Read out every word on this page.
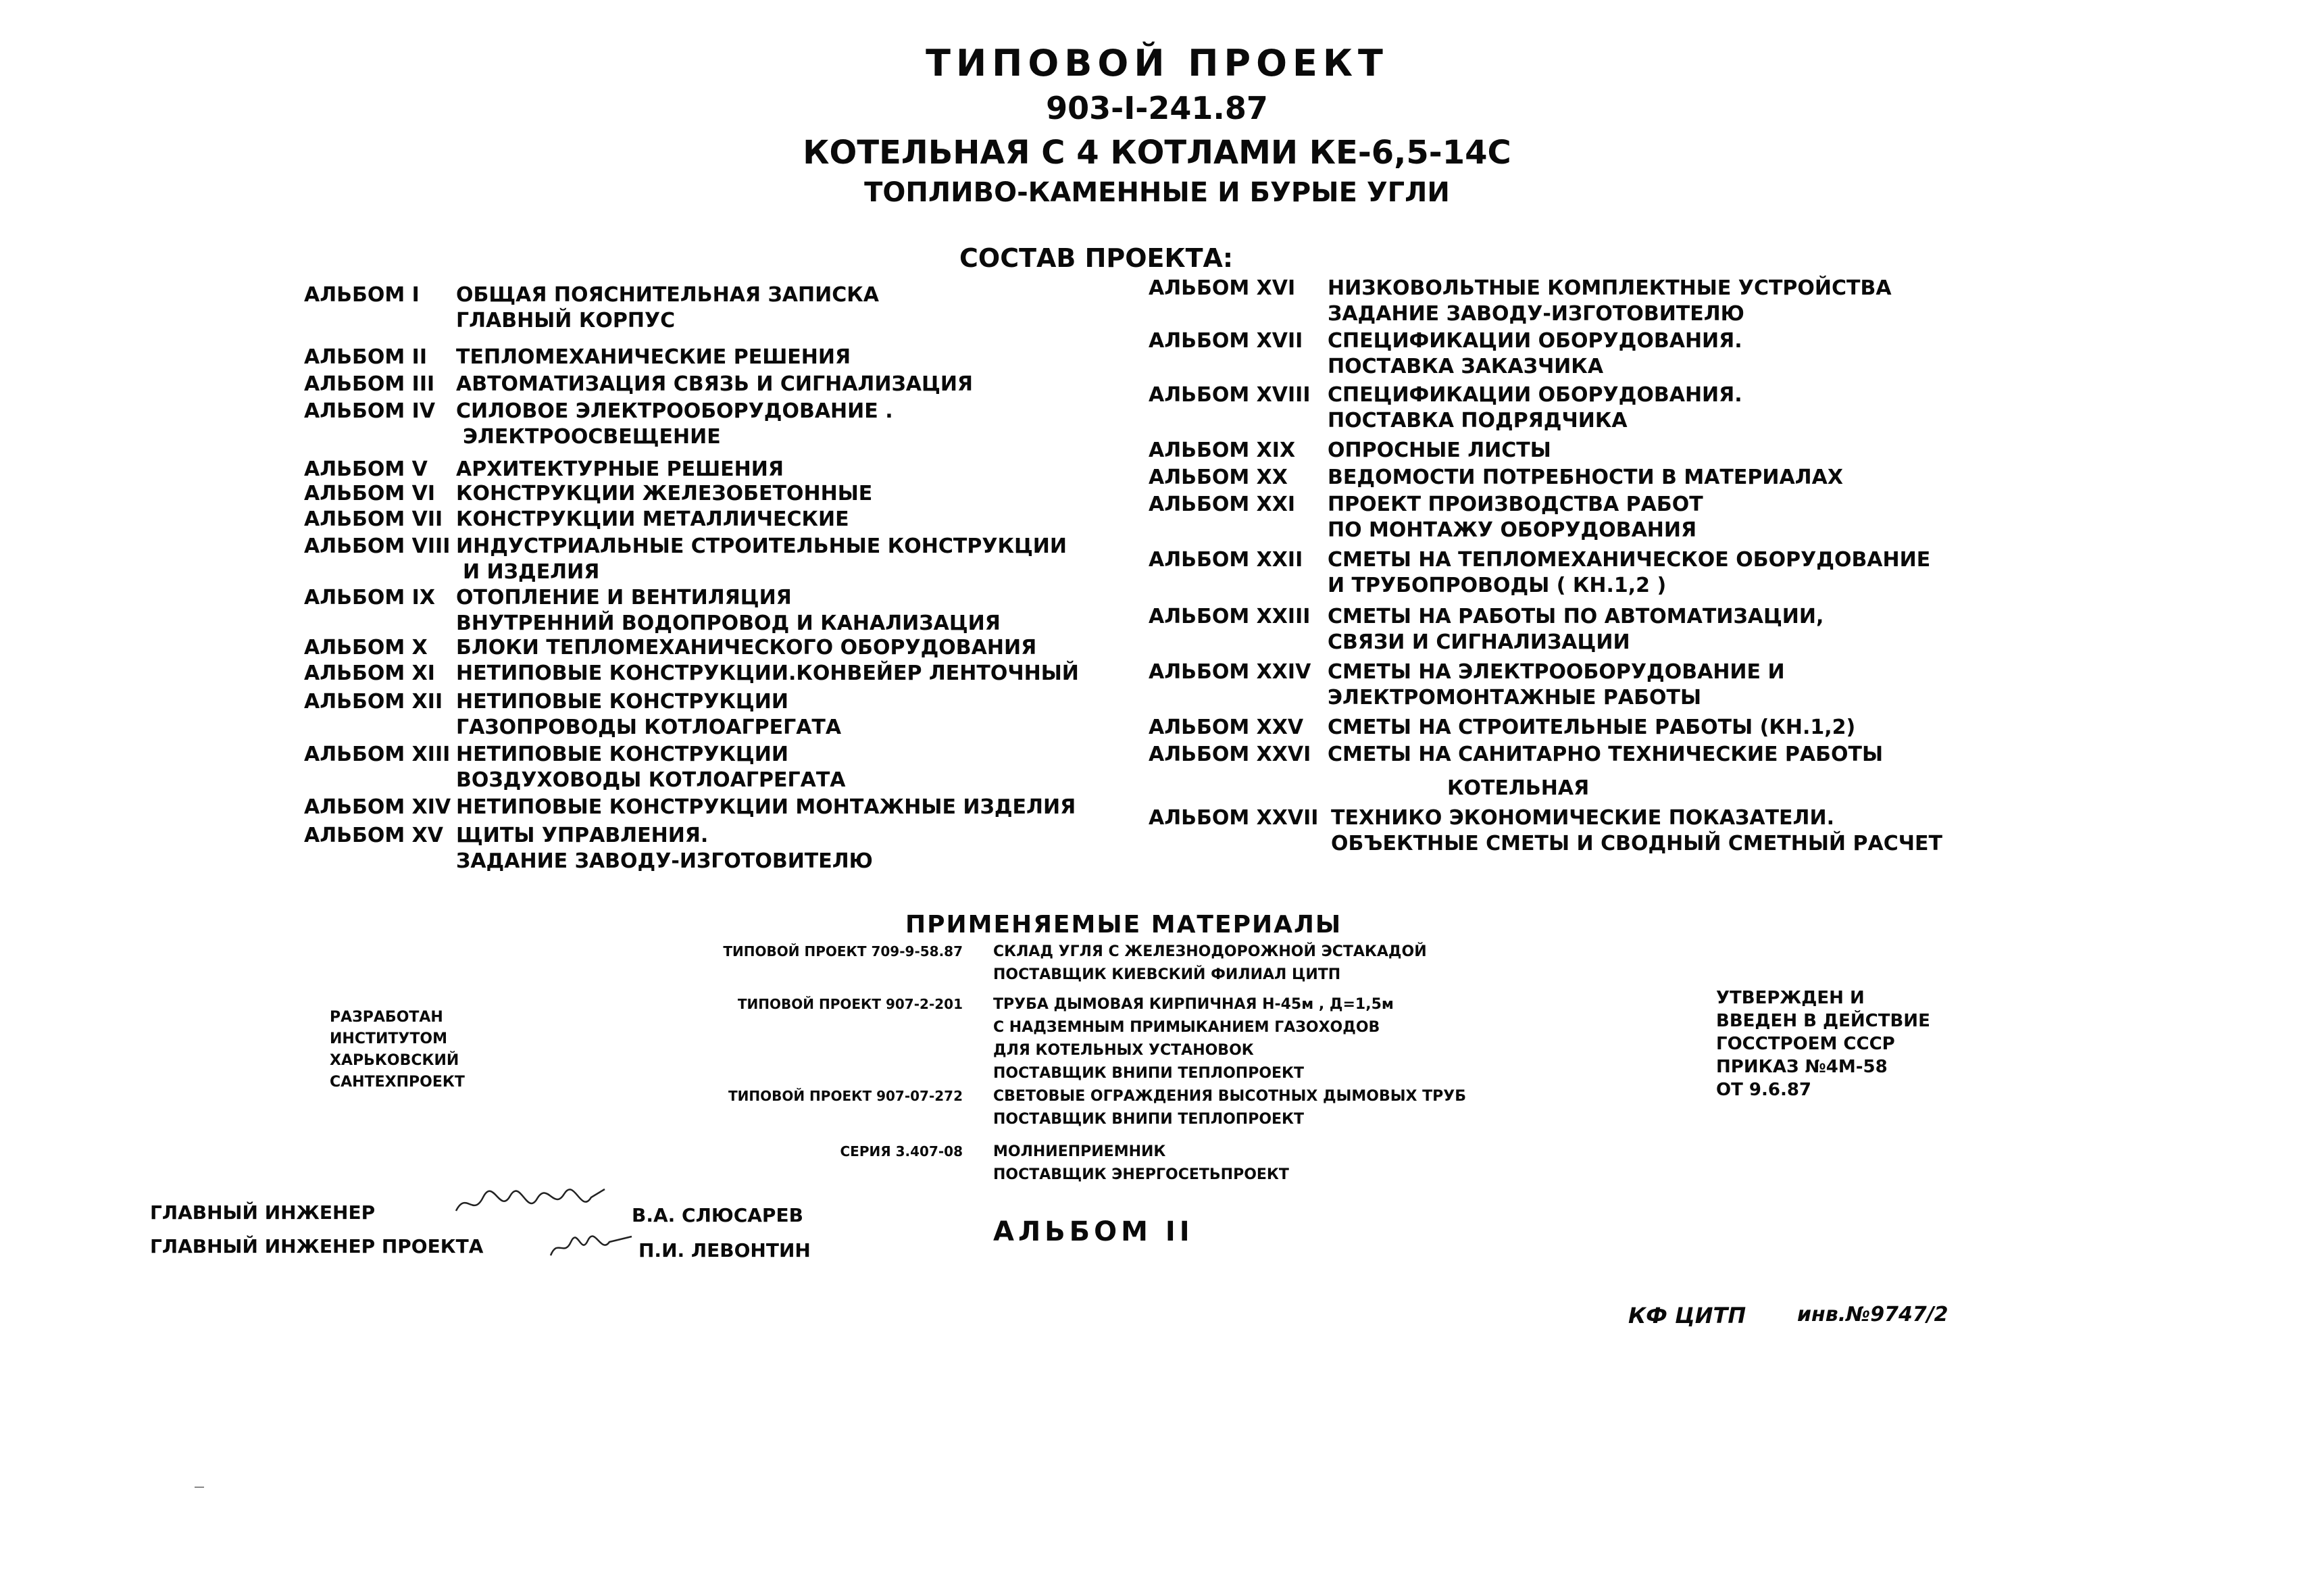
ТИПОВОЙ ПРОЕКТ
903-I-241.87
КОТЕЛЬНАЯ С 4 КОТЛАМИ КЕ-6,5-14С
ТОПЛИВО-КАМЕННЫЕ И БУРЫЕ УГЛИ
СОСТАВ ПРОЕКТА:
АЛЬБОМ I ОБЩАЯ ПОЯСНИТЕЛЬНАЯ ЗАПИСКА
ГЛАВНЫЙ КОРПУС
АЛЬБОМ II ТЕПЛОМЕХАНИЧЕСКИЕ РЕШЕНИЯ
АЛЬБОМ III АВТОМАТИЗАЦИЯ СВЯЗЬ И СИГНАЛИЗАЦИЯ
АЛЬБОМ IV СИЛОВОЕ ЭЛЕКТРООБОРУДОВАНИЕ .
ЭЛЕКТРООСВЕЩЕНИЕ
АЛЬБОМ V АРХИТЕКТУРНЫЕ РЕШЕНИЯ
АЛЬБОМ VI КОНСТРУКЦИИ ЖЕЛЕЗОБЕТОННЫЕ
АЛЬБОМ VII КОНСТРУКЦИИ МЕТАЛЛИЧЕСКИЕ
АЛЬБОМ VIII ИНДУСТРИАЛЬНЫЕ СТРОИТЕЛЬНЫЕ КОНСТРУКЦИИ
И ИЗДЕЛИЯ
АЛЬБОМ IX ОТОПЛЕНИЕ И ВЕНТИЛЯЦИЯ
ВНУТРЕННИЙ ВОДОПРОВОД И КАНАЛИЗАЦИЯ
АЛЬБОМ X БЛОКИ ТЕПЛОМЕХАНИЧЕСКОГО ОБОРУДОВАНИЯ
АЛЬБОМ XI НЕТИПОВЫЕ КОНСТРУКЦИИ.КОНВЕЙЕР ЛЕНТОЧНЫЙ
АЛЬБОМ XII НЕТИПОВЫЕ КОНСТРУКЦИИ
ГАЗОПРОВОДЫ КОТЛОАГРЕГАТА
АЛЬБОМ XIII НЕТИПОВЫЕ КОНСТРУКЦИИ
ВОЗДУХОВОДЫ КОТЛОАГРЕГАТА
АЛЬБОМ XIV НЕТИПОВЫЕ КОНСТРУКЦИИ МОНТАЖНЫЕ ИЗДЕЛИЯ
АЛЬБОМ XV ЩИТЫ УПРАВЛЕНИЯ.
ЗАДАНИЕ ЗАВОДУ-ИЗГОТОВИТЕЛЮ
АЛЬБОМ XVI НИЗКОВОЛЬТНЫЕ КОМПЛЕКТНЫЕ УСТРОЙСТВА
ЗАДАНИЕ ЗАВОДУ-ИЗГОТОВИТЕЛЮ
АЛЬБОМ XVII СПЕЦИФИКАЦИИ ОБОРУДОВАНИЯ.
ПОСТАВКА ЗАКАЗЧИКА
АЛЬБОМ XVIII СПЕЦИФИКАЦИИ ОБОРУДОВАНИЯ.
ПОСТАВКА ПОДРЯДЧИКА
АЛЬБОМ XIX ОПРОСНЫЕ ЛИСТЫ
АЛЬБОМ XX ВЕДОМОСТИ ПОТРЕБНОСТИ В МАТЕРИАЛАХ
АЛЬБОМ XXI ПРОЕКТ ПРОИЗВОДСТВА РАБОТ
ПО МОНТАЖУ ОБОРУДОВАНИЯ
АЛЬБОМ XXII СМЕТЫ НА ТЕПЛОМЕХАНИЧЕСКОЕ ОБОРУДОВАНИЕ
И ТРУБОПРОВОДЫ ( КН.1,2 )
АЛЬБОМ XXIII СМЕТЫ НА РАБОТЫ ПО АВТОМАТИЗАЦИИ,
СВЯЗИ И СИГНАЛИЗАЦИИ
АЛЬБОМ XXIV СМЕТЫ НА ЭЛЕКТРООБОРУДОВАНИЕ И
ЭЛЕКТРОМОНТАЖНЫЕ РАБОТЫ
АЛЬБОМ XXV СМЕТЫ НА СТРОИТЕЛЬНЫЕ РАБОТЫ (КН.1,2)
АЛЬБОМ XXVI СМЕТЫ НА САНИТАРНО ТЕХНИЧЕСКИЕ РАБОТЫ
КОТЕЛЬНАЯ
АЛЬБОМ XXVII ТЕХНИКО ЭКОНОМИЧЕСКИЕ ПОКАЗАТЕЛИ.
ОБЪЕКТНЫЕ СМЕТЫ И СВОДНЫЙ СМЕТНЫЙ РАСЧЕТ
ПРИМЕНЯЕМЫЕ МАТЕРИАЛЫ
ТИПОВОЙ ПРОЕКТ 709-9-58.87 СКЛАД УГЛЯ С ЖЕЛЕЗНОДОРОЖНОЙ ЭСТАКАДОЙ
ПОСТАВЩИК КИЕВСКИЙ ФИЛИАЛ ЦИТП
ТИПОВОЙ ПРОЕКТ 907-2-201 ТРУБА ДЫМОВАЯ КИРПИЧНАЯ Н-45м , Д=1,5м
С НАДЗЕМНЫМ ПРИМЫКАНИЕМ ГАЗОХОДОВ
ДЛЯ КОТЕЛЬНЫХ УСТАНОВОК
ПОСТАВЩИК ВНИПИ ТЕПЛОПРОЕКТ
ТИПОВОЙ ПРОЕКТ 907-07-272 СВЕТОВЫЕ ОГРАЖДЕНИЯ ВЫСОТНЫХ ДЫМОВЫХ ТРУБ
ПОСТАВЩИК ВНИПИ ТЕПЛОПРОЕКТ
СЕРИЯ 3.407-08 МОЛНИЕПРИЕМНИК
ПОСТАВЩИК ЭНЕРГОСЕТЬПРОЕКТ
РАЗРАБОТАН
ИНСТИТУТОМ
ХАРЬКОВСКИЙ
САНТЕХПРОЕКТ
УТВЕРЖДЕН И
ВВЕДЕН В ДЕЙСТВИЕ
ГОССТРОЕМ СССР
ПРИКАЗ №4М-58
ОТ 9.6.87
ГЛАВНЫЙ ИНЖЕНЕР	В.А. СЛЮСАРЕВ
ГЛАВНЫЙ ИНЖЕНЕР ПРОЕКТА	П.И. ЛЕВОНТИН
АЛЬБОМ II
КФ ЦИТП	инв.№9747/2
